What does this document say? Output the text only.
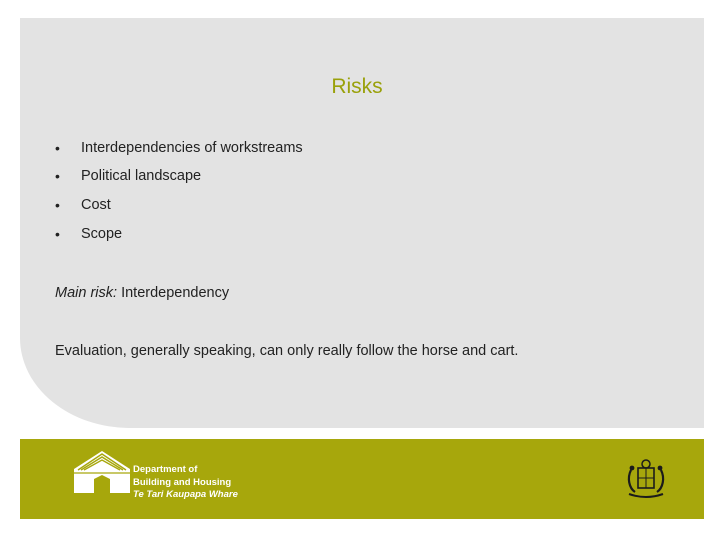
Risks
• Interdependencies of workstreams
• Political landscape
• Cost
• Scope
Main risk: Interdependency
Evaluation, generally speaking, can only really follow the horse and cart.
Department of
Building and Housing
Te Tari Kaupapa Whare
